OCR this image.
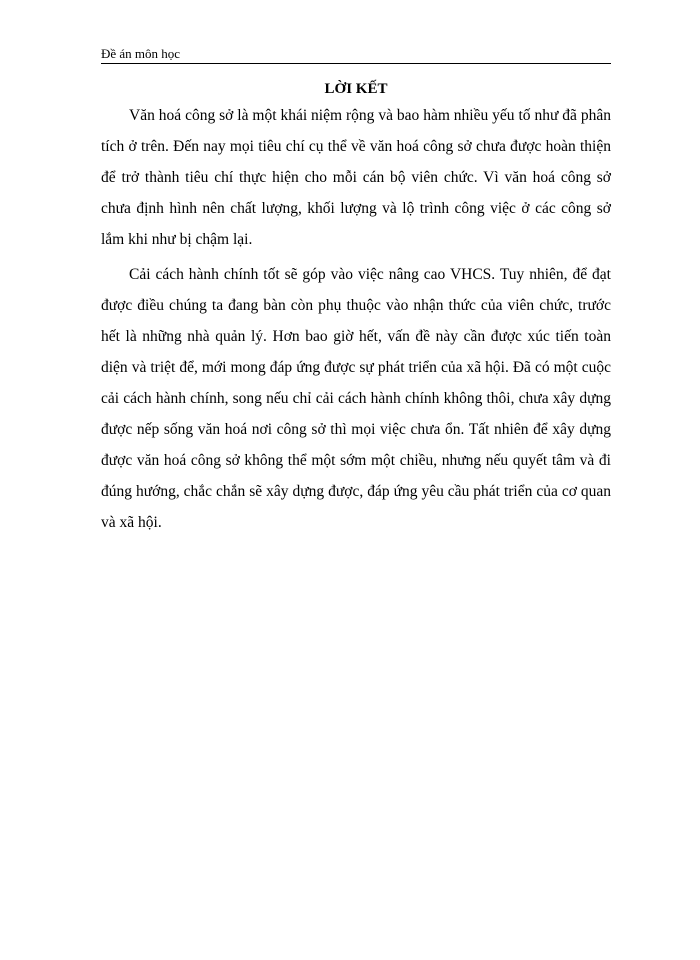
Đề án môn học
LỜI KẾT

Văn hoá công sở là một khái niệm rộng và bao hàm nhiều yếu tố như đã phân tích ở trên. Đến nay mọi tiêu chí cụ thể về văn hoá công sở chưa được hoàn thiện để trở thành tiêu chí thực hiện cho mỗi cán bộ viên chức. Vì văn hoá công sở chưa định hình nên chất lượng, khối lượng và lộ trình công việc ở các công sở lắm khi như bị chậm lại.

Cải cách hành chính tốt sẽ góp vào việc nâng cao VHCS. Tuy nhiên, để đạt được điều chúng ta đang bàn còn phụ thuộc vào nhận thức của viên chức, trước hết là những nhà quản lý. Hơn bao giờ hết, vấn đề này cần được xúc tiến toàn diện và triệt để, mới mong đáp ứng được sự phát triển của xã hội. Đã có một cuộc cải cách hành chính, song nếu chỉ cải cách hành chính không thôi, chưa xây dựng được nếp sống văn hoá nơi công sở thì mọi việc chưa ổn. Tất nhiên để xây dựng được văn hoá công sở không thể một sớm một chiều, nhưng nếu quyết tâm và đi đúng hướng, chắc chắn sẽ xây dựng được, đáp ứng yêu cầu phát triển của cơ quan và xã hội.
